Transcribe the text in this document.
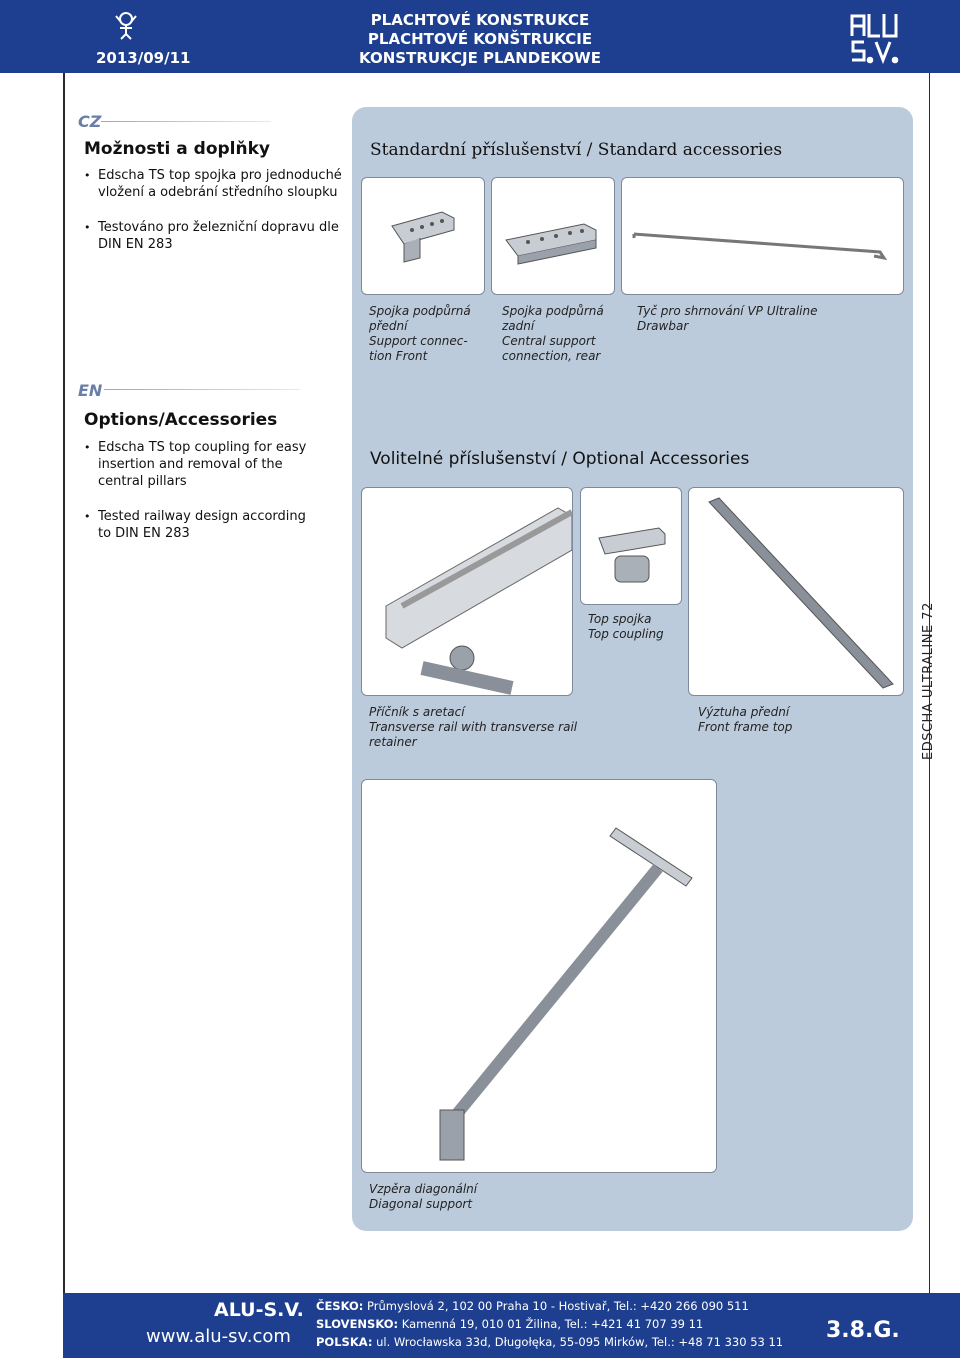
2013/09/11
PLACHTOVÉ KONSTRUKCE
PLACHTOVÉ KONŠTRUKCIE
KONSTRUKCJE PLANDEKOWE
CZ
Možnosti a doplňky
• Edscha TS top spojka pro jednoduché
vložení a odebrání středního sloupku
• Testováno pro železniční dopravu dle
DIN EN 283
EN
Options/Accessories
• Edscha TS top coupling for easy
insertion and removal of the
central pillars
• Tested railway design according
to DIN EN 283
Standardní příslušenství / Standard accessories
Spojka podpůrná
přední
Support connec-
tion Front
Spojka podpůrná
zadní
Central support
connection, rear
Tyč pro shrnování VP Ultraline
Drawbar
Volitelné příslušenství / Optional Accessories
Top spojka
Top coupling
Příčník s aretací
Transverse rail with transverse rail
retainer
Výztuha přední
Front frame top
Vzpěra diagonální
Diagonal support
EDSCHA ULTRALINE 72
ALU-S.V.
www.alu-sv.com
ČESKO: Průmyslová 2, 102 00 Praha 10 - Hostivař, Tel.: +420 266 090 511
SLOVENSKO: Kamenná 19, 010 01 Žilina, Tel.: +421 41 707 39 11
POLSKA: ul. Wrocławska 33d, Długołęka, 55-095 Mirków, Tel.: +48 71 330 53 11 3.8.G.
